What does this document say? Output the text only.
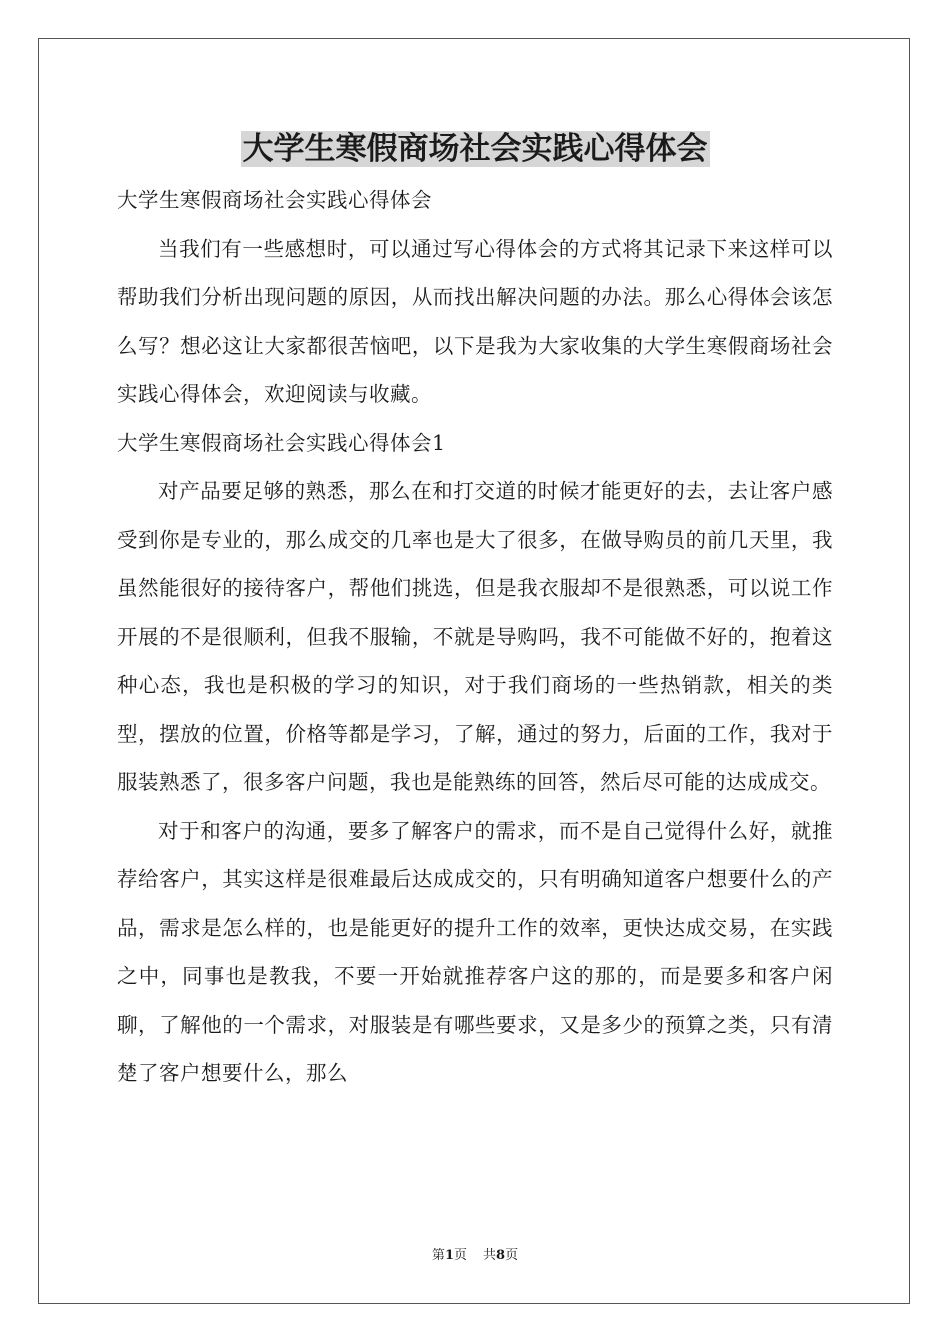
大学生寒假商场社会实践心得体会

大学生寒假商场社会实践心得体会

当我们有一些感想时，可以通过写心得体会的方式将其记录下来这样可以帮助我们分析出现问题的原因，从而找出解决问题的办法。那么心得体会该怎么写？想必这让大家都很苦恼吧，以下是我为大家收集的大学生寒假商场社会实践心得体会，欢迎阅读与收藏。

大学生寒假商场社会实践心得体会1

对产品要足够的熟悉，那么在和打交道的时候才能更好的去，去让客户感受到你是专业的，那么成交的几率也是大了很多，在做导购员的前几天里，我虽然能很好的接待客户，帮他们挑选，但是我衣服却不是很熟悉，可以说工作开展的不是很顺利，但我不服输，不就是导购吗，我不可能做不好的，抱着这种心态，我也是积极的学习的知识，对于我们商场的一些热销款，相关的类型，摆放的位置，价格等都是学习，了解，通过的努力，后面的工作，我对于服装熟悉了，很多客户问题，我也是能熟练的回答，然后尽可能的达成成交。

对于和客户的沟通，要多了解客户的需求，而不是自己觉得什么好，就推荐给客户，其实这样是很难最后达成成交的，只有明确知道客户想要什么的产品，需求是怎么样的，也是能更好的提升工作的效率，更快达成交易，在实践之中，同事也是教我，不要一开始就推荐客户这的那的，而是要多和客户闲聊，了解他的一个需求，对服装是有哪些要求，又是多少的预算之类，只有清楚了客户想要什么，那么

第1页 共8页
